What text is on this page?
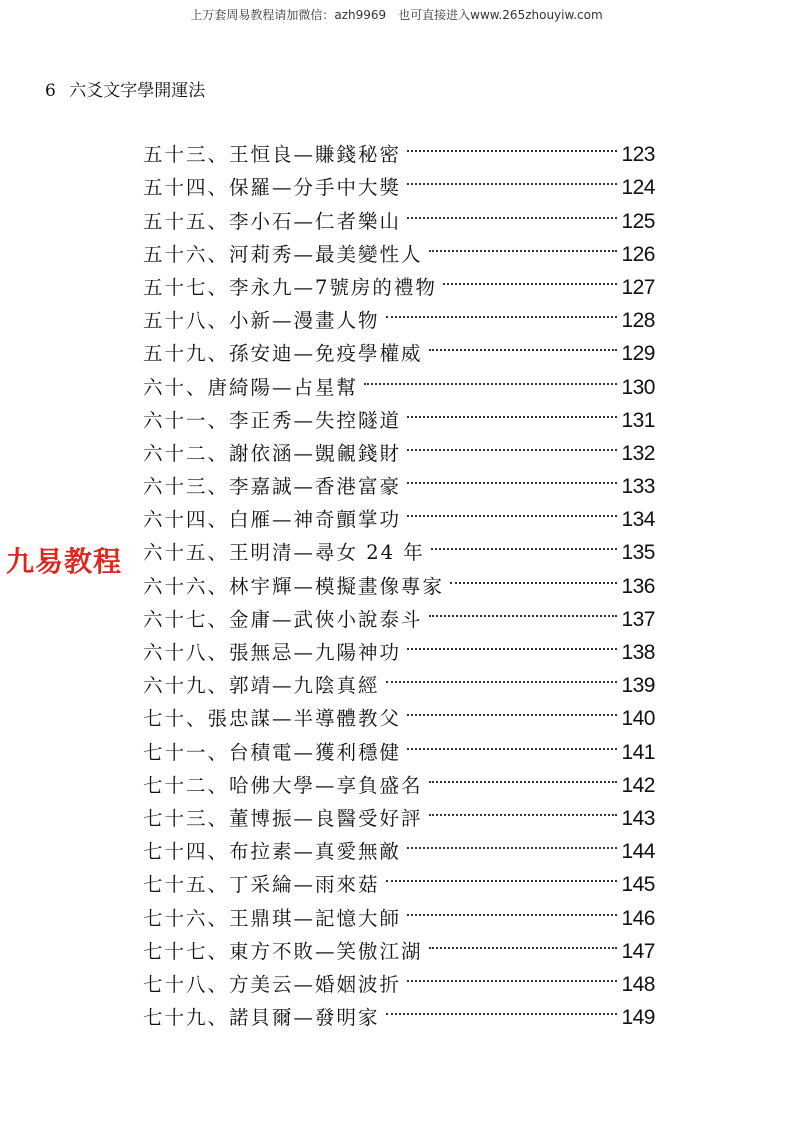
上万套周易教程请加微信：azh9969　也可直接进入www.265zhouyiw.com
6 六爻文字學開運法
五十三、王恒良—賺錢秘密	123
五十四、保羅—分手中大獎	124
五十五、李小石—仁者樂山	125
五十六、河莉秀—最美變性人	126
五十七、李永九—7號房的禮物	127
五十八、小新—漫畫人物	128
五十九、孫安迪—免疫學權威	129
六十、唐綺陽—占星幫	130
六十一、李正秀—失控隧道	131
六十二、謝依涵—覬覦錢財	132
六十三、李嘉誠—香港富豪	133
六十四、白雁—神奇顫掌功	134
六十五、王明清—尋女 24 年	135
六十六、林宇輝—模擬畫像專家	136
六十七、金庸—武俠小說泰斗	137
六十八、張無忌—九陽神功	138
六十九、郭靖—九陰真經	139
七十、張忠謀—半導體教父	140
七十一、台積電—獲利穩健	141
七十二、哈佛大學—享負盛名	142
七十三、董博振—良醫受好評	143
七十四、布拉素—真愛無敵	144
七十五、丁采綸—雨來菇	145
七十六、王鼎琪—記憶大師	146
七十七、東方不敗—笑傲江湖	147
七十八、方美云—婚姻波折	148
七十九、諾貝爾—發明家	149
九易教程
